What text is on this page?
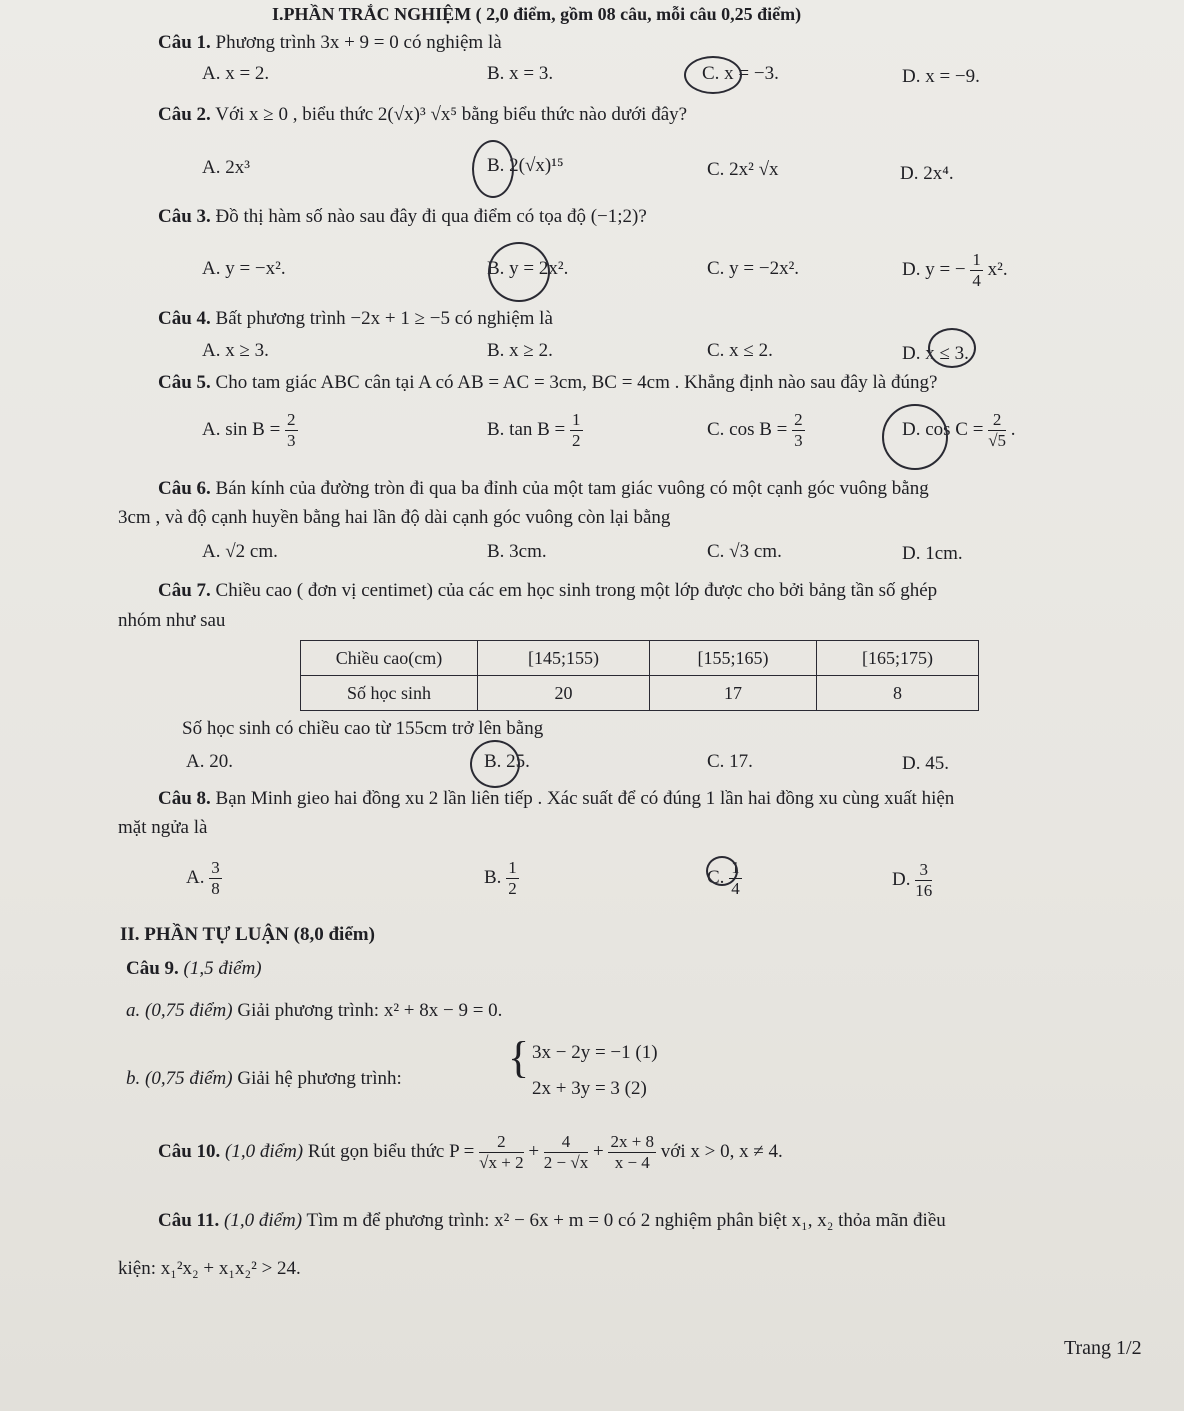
I.PHẦN TRẮC NGHIỆM ( 2,0 điểm, gồm 08 câu, mỗi câu 0,25 điểm)
Câu 1. Phương trình 3x + 9 = 0 có nghiệm là
A. x = 2.	B. x = 3.	C. x = −3.	D. x = −9.
Câu 2. Với x ≥ 0 , biểu thức 2(√x)³ √x⁵ bằng biểu thức nào dưới đây?
A. 2x³	B. 2(√x)¹⁵	C. 2x² √x	D. 2x⁴.
Câu 3. Đồ thị hàm số nào sau đây đi qua điểm có tọa độ (−1;2)?
A. y = −x².	B. y = 2x².	C. y = −2x².	D. y = − $\frac{1}{4} x^2$.
Câu 4. Bất phương trình −2x + 1 ≥ −5 có nghiệm là
A. x ≥ 3.	B. x ≥ 2.	C. x ≤ 2.	D. x ≤ 3.
Câu 5. Cho tam giác ABC cân tại A có AB = AC = 3cm, BC = 4cm . Khẳng định nào sau đây là đúng?
A. $\sin B = \frac{2}{3}$	B. $\tan B = \frac{1}{2}$	C. $\cos B = \frac{2}{3}$	D. $\cos C = \frac{2}{√5}$ .
Câu 6. Bán kính của đường tròn đi qua ba đỉnh của một tam giác vuông có một cạnh góc vuông bằng
3cm , và độ cạnh huyền bằng hai lần độ dài cạnh góc vuông còn lại bằng
A. √2 cm.	B. 3cm.	C. √3 cm.	D. 1cm.
Câu 7. Chiều cao ( đơn vị centimet) của các em học sinh trong một lớp được cho bởi bảng tần số ghép
nhóm như sau
Chiều cao(cm)	[145;155)	[155;165)	[165;175)
Số học sinh	20	17	8
Số học sinh có chiều cao từ 155cm trở lên bằng
A. 20.	B. 25.	C. 17.	D. 45.
Câu 8. Bạn Minh gieo hai đồng xu 2 lần liên tiếp . Xác suất để có đúng 1 lần hai đồng xu cùng xuất hiện
mặt ngửa là
A. $\frac{3}{8}$	B. $\frac{1}{2}$	C. $\frac{1}{4}$	D. $\frac{3}{16}$
II. PHẦN TỰ LUẬN (8,0 điểm)
Câu 9. (1,5 điểm)
a. (0,75 điểm) Giải phương trình: x² + 8x − 9 = 0.
b. (0,75 điểm) Giải hệ phương trình: { 3x − 2y = −1 (1)
2x + 3y = 3 (2)
Câu 10. (1,0 điểm) Rút gọn biểu thức $P = \frac{2}{√x + 2} + \frac{4}{2 - √x} + \frac{2x + 8}{x - 4}$ với x > 0, x ≠ 4.
Câu 11. (1,0 điểm) Tìm m để phương trình: x² − 6x + m = 0 có 2 nghiệm phân biệt x₁, x₂ thỏa mãn điều
kiện: x₁²x₂ + x₁x₂² > 24.
Trang 1/2
